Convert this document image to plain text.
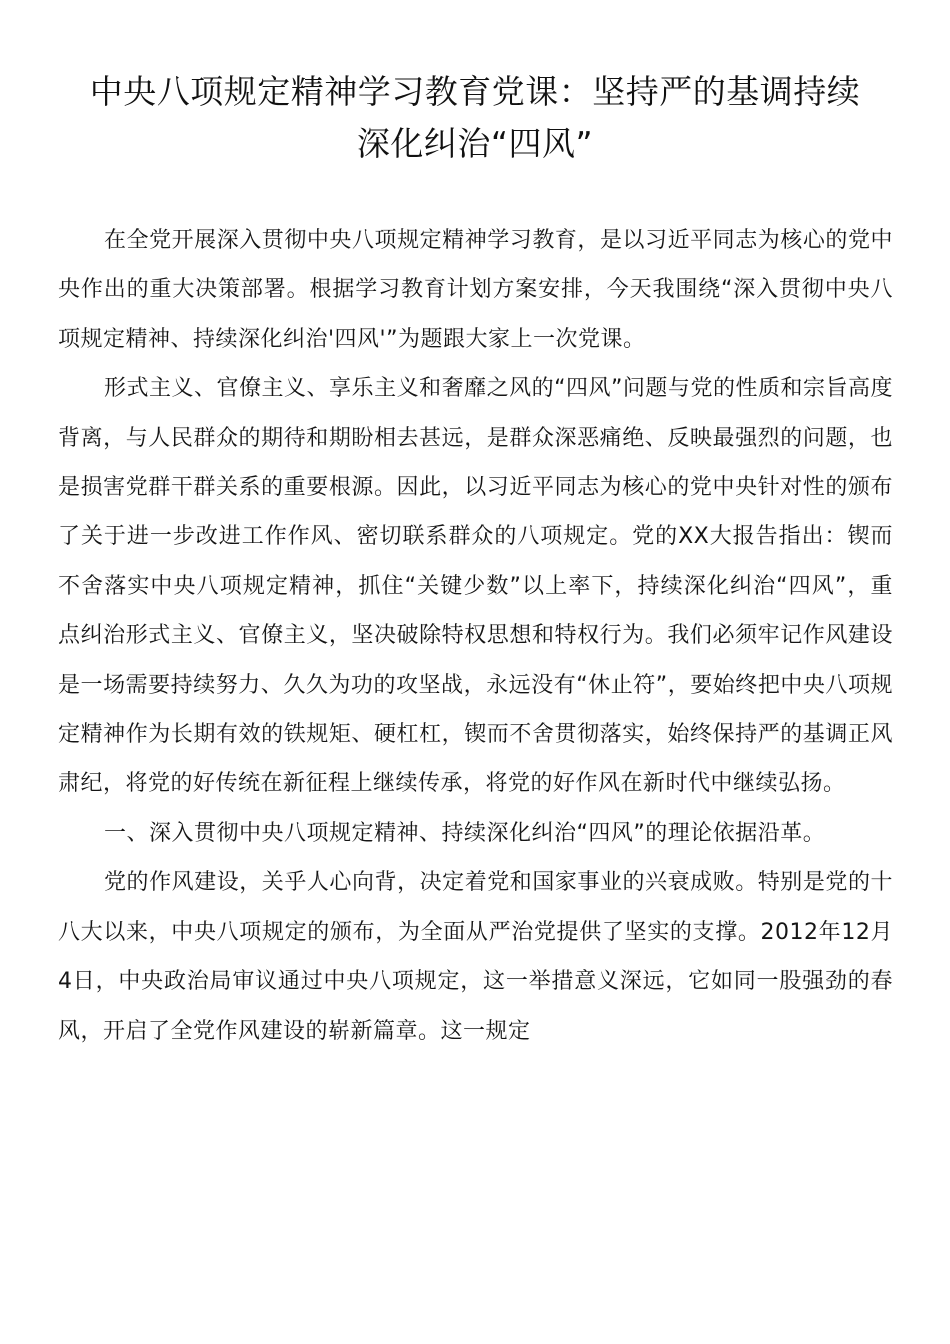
中央八项规定精神学习教育党课：坚持严的基调持续
深化纠治“四风”

在全党开展深入贯彻中央八项规定精神学习教育，是以习近平同志为核心的党中央作出的重大决策部署。根据学习教育计划方案安排，今天我围绕“深入贯彻中央八项规定精神、持续深化纠治'四风'”为题跟大家上一次党课。

形式主义、官僚主义、享乐主义和奢靡之风的“四风”问题与党的性质和宗旨高度背离，与人民群众的期待和期盼相去甚远，是群众深恶痛绝、反映最强烈的问题，也是损害党群干群关系的重要根源。因此，以习近平同志为核心的党中央针对性的颁布了关于进一步改进工作作风、密切联系群众的八项规定。党的XX大报告指出：锲而不舍落实中央八项规定精神，抓住“关键少数”以上率下，持续深化纠治“四风”，重点纠治形式主义、官僚主义，坚决破除特权思想和特权行为。我们必须牢记作风建设是一场需要持续努力、久久为功的攻坚战，永远没有“休止符”，要始终把中央八项规定精神作为长期有效的铁规矩、硬杠杠，锲而不舍贯彻落实，始终保持严的基调正风肃纪，将党的好传统在新征程上继续传承，将党的好作风在新时代中继续弘扬。

一、深入贯彻中央八项规定精神、持续深化纠治“四风”的理论依据沿革。

党的作风建设，关乎人心向背，决定着党和国家事业的兴衰成败。特别是党的十八大以来，中央八项规定的颁布，为全面从严治党提供了坚实的支撑。2012年12月4日，中央政治局审议通过中央八项规定，这一举措意义深远，它如同一股强劲的春风，开启了全党作风建设的崭新篇章。这一规定
